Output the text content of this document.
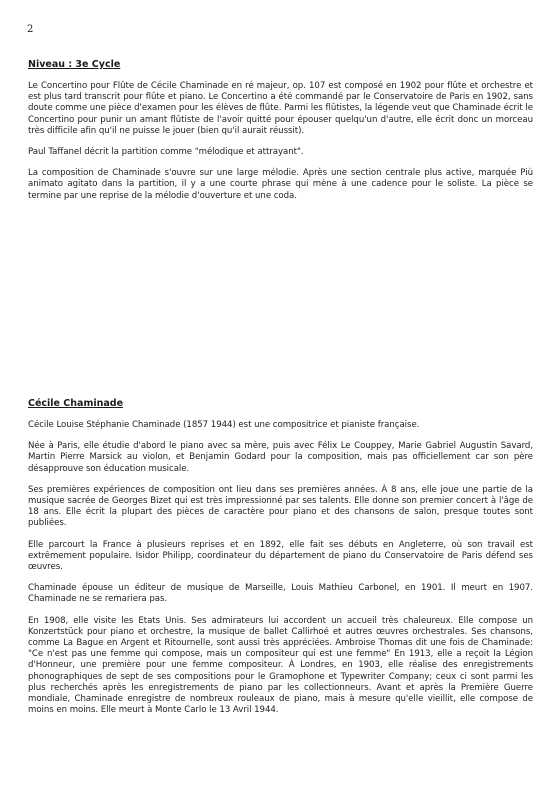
2
Niveau : 3e Cycle

Le Concertino pour Flûte de Cécile Chaminade en ré majeur, op. 107 est composé en 1902 pour flûte et orchestre et est plus tard transcrit pour flûte et piano. Le Concertino a été commandé par le Conservatoire de Paris en 1902, sans doute comme une pièce d'examen pour les élèves de flûte. Parmi les flûtistes, la légende veut que Chaminade écrit le Concertino pour punir un amant flûtiste de l'avoir quitté pour épouser quelqu'un d'autre, elle écrit donc un morceau très difficile afin qu'il ne puisse le jouer (bien qu'il aurait réussit).

Paul Taffanel décrit la partition comme "mélodique et attrayant".

La composition de Chaminade s'ouvre sur une large mélodie. Après une section centrale plus active, marquée Più animato agitato dans la partition, il y a une courte phrase qui mène à une cadence pour le soliste. La pièce se termine par une reprise de la mélodie d'ouverture et une coda.

Cécile Chaminade

Cécile Louise Stéphanie Chaminade (1857 1944) est une compositrice et pianiste française.

Née à Paris, elle étudie d'abord le piano avec sa mère, puis avec Félix Le Couppey, Marie Gabriel Augustin Savard, Martin Pierre Marsick au violon, et Benjamin Godard pour la composition, mais pas officiellement car son père désapprouve son éducation musicale.

Ses premières expériences de composition ont lieu dans ses premières années. À 8 ans, elle joue une partie de la musique sacrée de Georges Bizet qui est très impressionné par ses talents. Elle donne son premier concert à l'âge de 18 ans. Elle écrit la plupart des pièces de caractère pour piano et des chansons de salon, presque toutes sont publiées.

Elle parcourt la France à plusieurs reprises et en 1892, elle fait ses débuts en Angleterre, où son travail est extrêmement populaire. Isidor Philipp, coordinateur du département de piano du Conservatoire de Paris défend ses œuvres.

Chaminade épouse un éditeur de musique de Marseille, Louis Mathieu Carbonel, en 1901. Il meurt en 1907. Chaminade ne se remariera pas.

En 1908, elle visite les Etats Unis. Ses admirateurs lui accordent un accueil très chaleureux. Elle compose un Konzertstück pour piano et orchestre, la musique de ballet Callirhoé et autres œuvres orchestrales. Ses chansons, comme La Bague en Argent et Ritournelle, sont aussi très appréciées. Ambroise Thomas dit une fois de Chaminade: "Ce n'est pas une femme qui compose, mais un compositeur qui est une femme" En 1913, elle a reçoit la Légion d'Honneur, une première pour une femme compositeur. À Londres, en 1903, elle réalise des enregistrements phonographiques de sept de ses compositions pour le Gramophone et Typewriter Company; ceux ci sont parmi les plus recherchés après les enregistrements de piano par les collectionneurs. Avant et après la Première Guerre mondiale, Chaminade enregistre de nombreux rouleaux de piano, mais à mesure qu'elle vieillit, elle compose de moins en moins. Elle meurt à Monte Carlo le 13 Avril 1944.
